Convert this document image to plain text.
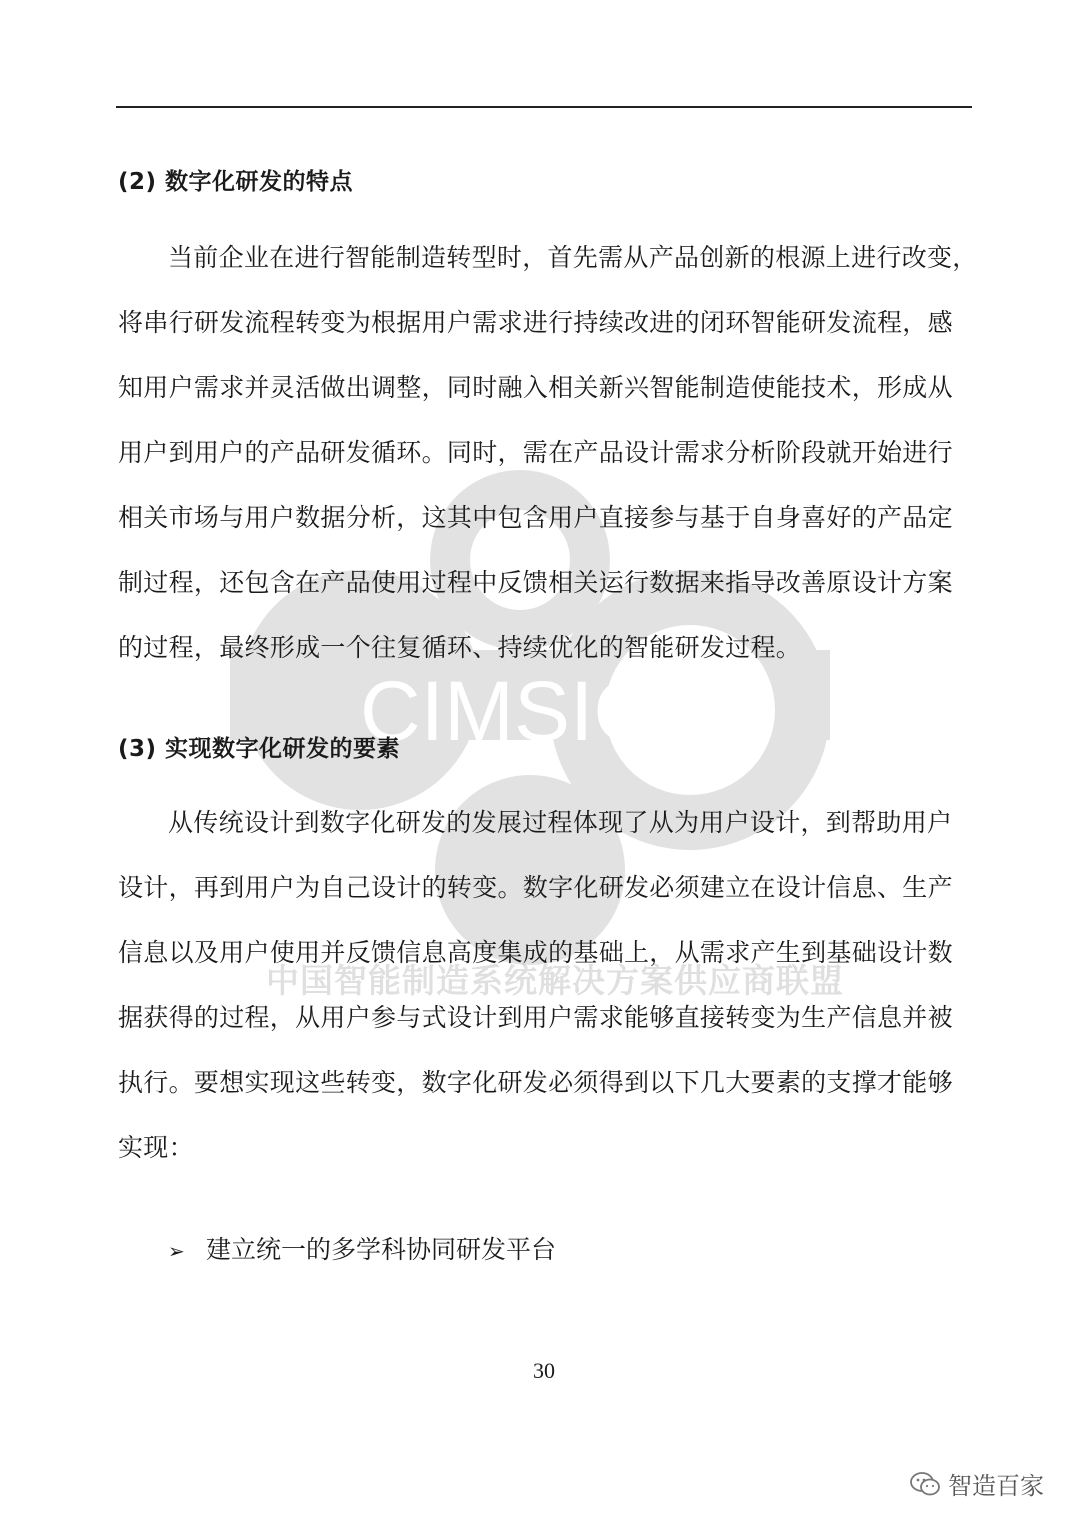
CIMSIC
中国智能制造系统解决方案供应商联盟
(2) 数字化研发的特点
当前企业在进行智能制造转型时，首先需从产品创新的根源上进行改变，
将串行研发流程转变为根据用户需求进行持续改进的闭环智能研发流程，感
知用户需求并灵活做出调整，同时融入相关新兴智能制造使能技术，形成从
用户到用户的产品研发循环。同时，需在产品设计需求分析阶段就开始进行
相关市场与用户数据分析，这其中包含用户直接参与基于自身喜好的产品定
制过程，还包含在产品使用过程中反馈相关运行数据来指导改善原设计方案
的过程，最终形成一个往复循环、持续优化的智能研发过程。
(3) 实现数字化研发的要素
从传统设计到数字化研发的发展过程体现了从为用户设计，到帮助用户
设计，再到用户为自己设计的转变。数字化研发必须建立在设计信息、生产
信息以及用户使用并反馈信息高度集成的基础上，从需求产生到基础设计数
据获得的过程，从用户参与式设计到用户需求能够直接转变为生产信息并被
执行。要想实现这些转变，数字化研发必须得到以下几大要素的支撑才能够
实现：
➢ 建立统一的多学科协同研发平台
30
智造百家
